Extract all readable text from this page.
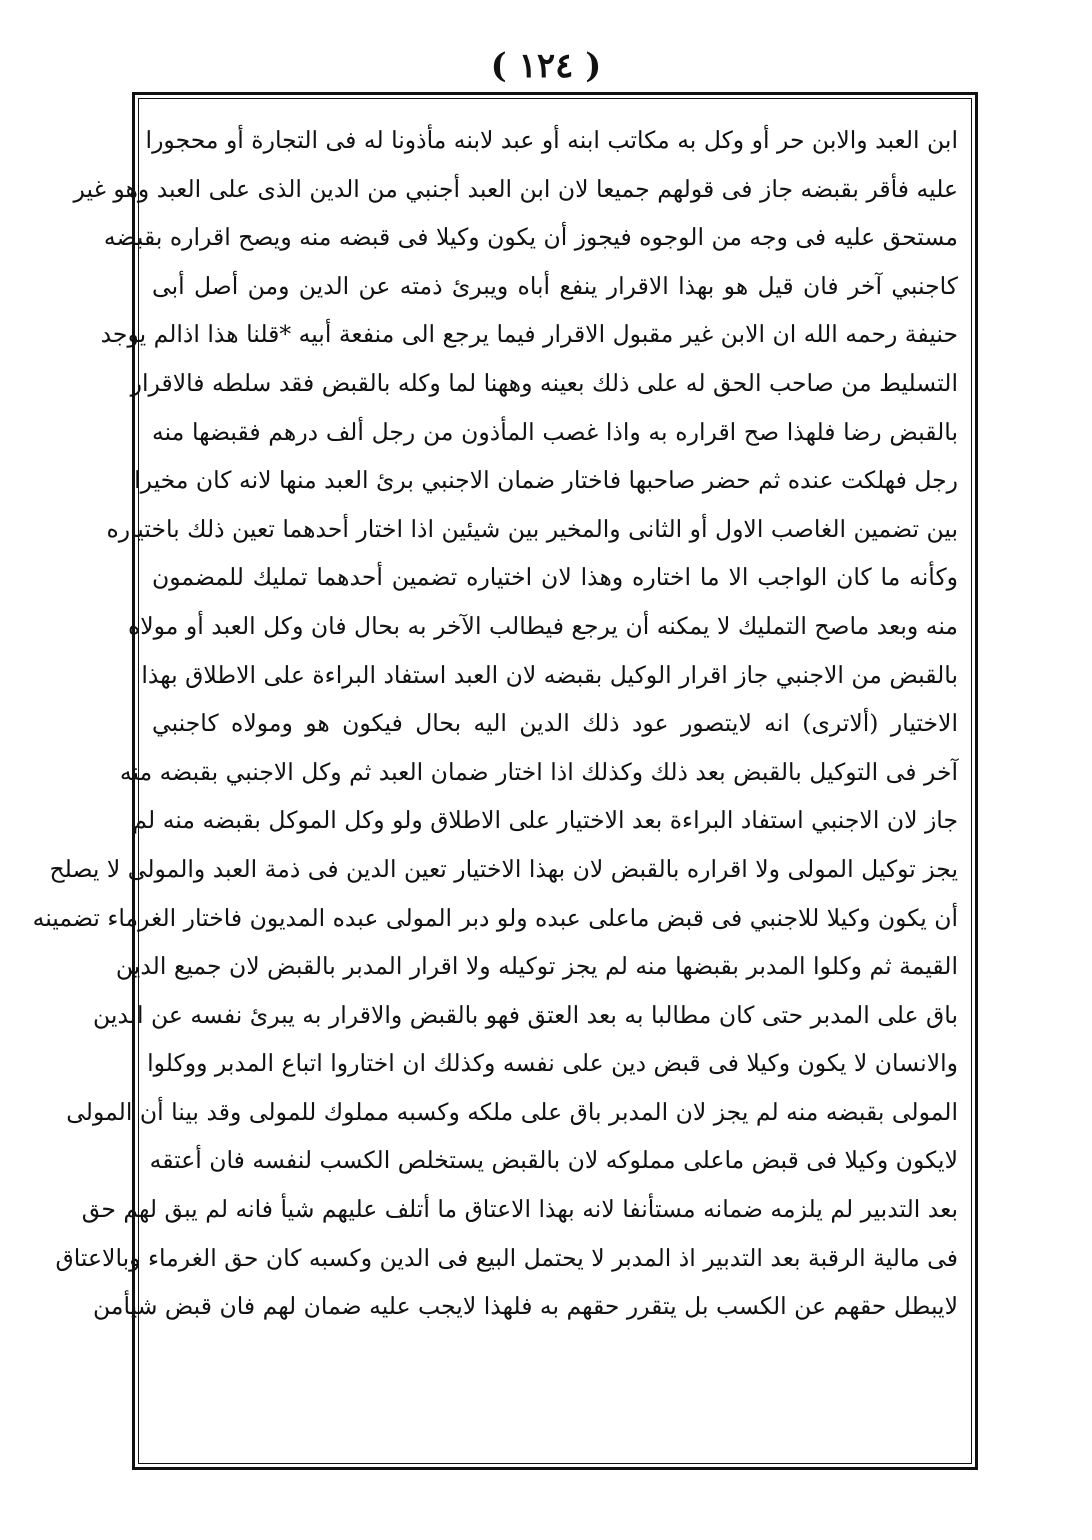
( ١٢٤ )
ابن العبد والابن حر أو وكل به مكاتب ابنه أو عبد لابنه مأذونا له فى التجارة أو محجورا
عليه فأقر بقبضه جاز فى قولهم جميعا لان ابن العبد أجنبي من الدين الذى على العبد وهو غير
مستحق عليه فى وجه من الوجوه فيجوز أن يكون وكيلا فى قبضه منه ويصح اقراره بقبضه
كاجنبي آخر فان قيل هو بهذا الاقرار ينفع أباه ويبرئ ذمته عن الدين ومن أصل أبى
حنيفة رحمه الله ان الابن غير مقبول الاقرار فيما يرجع الى منفعة أبيه *قلنا هذا اذالم يوجد
التسليط من صاحب الحق له على ذلك بعينه وههنا لما وكله بالقبض فقد سلطه فالاقرار
بالقبض رضا فلهذا صح اقراره به واذا غصب المأذون من رجل ألف درهم فقبضها منه
رجل فهلكت عنده ثم حضر صاحبها فاختار ضمان الاجنبي برئ العبد منها لانه كان مخيرا
بين تضمين الغاصب الاول أو الثانى والمخير بين شيئين اذا اختار أحدهما تعين ذلك باختياره
وكأنه ما كان الواجب الا ما اختاره وهذا لان اختياره تضمين أحدهما تمليك للمضمون
منه وبعد ماصح التمليك لا يمكنه أن يرجع فيطالب الآخر به بحال فان وكل العبد أو مولاه
بالقبض من الاجنبي جاز اقرار الوكيل بقبضه لان العبد استفاد البراءة على الاطلاق بهذا
الاختيار (ألاترى) انه لايتصور عود ذلك الدين اليه بحال فيكون هو ومولاه كاجنبي
آخر فى التوكيل بالقبض بعد ذلك وكذلك اذا اختار ضمان العبد ثم وكل الاجنبي بقبضه منه
جاز لان الاجنبي استفاد البراءة بعد الاختيار على الاطلاق ولو وكل الموكل بقبضه منه لم
يجز توكيل المولى ولا اقراره بالقبض لان بهذا الاختيار تعين الدين فى ذمة العبد والمولى لا يصلح
أن يكون وكيلا للاجنبي فى قبض ماعلى عبده ولو دبر المولى عبده المديون فاختار الغرماء تضمينه
القيمة ثم وكلوا المدبر بقبضها منه لم يجز توكيله ولا اقرار المدبر بالقبض لان جميع الدين
باق على المدبر حتى كان مطالبا به بعد العتق فهو بالقبض والاقرار به يبرئ نفسه عن الدين
والانسان لا يكون وكيلا فى قبض دين على نفسه وكذلك ان اختاروا اتباع المدبر ووكلوا
المولى بقبضه منه لم يجز لان المدبر باق على ملكه وكسبه مملوك للمولى وقد بينا أن المولى
لايكون وكيلا فى قبض ماعلى مملوكه لان بالقبض يستخلص الكسب لنفسه فان أعتقه
بعد التدبير لم يلزمه ضمانه مستأنفا لانه بهذا الاعتاق ما أتلف عليهم شيأ فانه لم يبق لهم حق
فى مالية الرقبة بعد التدبير اذ المدبر لا يحتمل البيع فى الدين وكسبه كان حق الغرماء وبالاعتاق
لايبطل حقهم عن الكسب بل يتقرر حقهم به فلهذا لايجب عليه ضمان لهم فان قبض شيأمن
